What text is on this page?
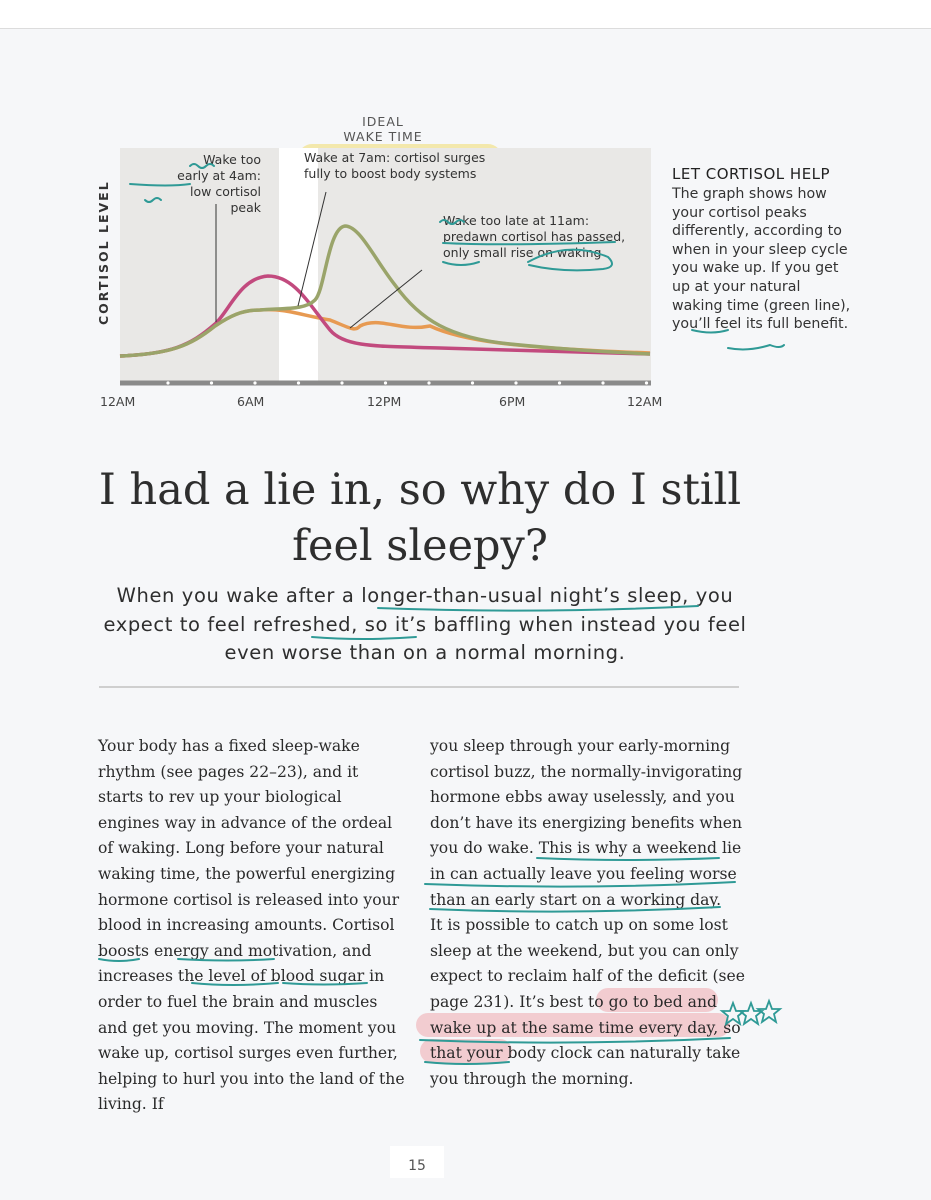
IDEAL
WAKE TIME
Wake too
early at 4am:
low cortisol
peak
Wake at 7am: cortisol surges
fully to boost body systems
Wake too late at 11am:
predawn cortisol has passed,
only small rise on waking
CORTISOL LEVEL
12AM	6AM	12PM	6PM	12AM
LET CORTISOL HELP
The graph shows how your cortisol peaks differently, according to when in your sleep cycle you wake up. If you get up at your natural waking time (green line), you’ll feel its full benefit.
I had a lie in, so why do I still feel sleepy?
When you wake after a longer-than-usual night’s sleep, you expect to feel refreshed, so it’s baffling when instead you feel even worse than on a normal morning.
Your body has a fixed sleep-wake rhythm (see pages 22–23), and it starts to rev up your biological engines way in advance of the ordeal of waking. Long before your natural waking time, the powerful energizing hormone cortisol is released into your blood in increasing amounts. Cortisol boosts energy and motivation, and increases the level of blood sugar in order to fuel the brain and muscles and get you moving. The moment you wake up, cortisol surges even further, helping to hurl you into the land of the living. If
you sleep through your early-morning cortisol buzz, the normally-invigorating hormone ebbs away uselessly, and you don’t have its energizing benefits when you do wake. This is why a weekend lie in can actually leave you feeling worse than an early start on a working day.
It is possible to catch up on some lost sleep at the weekend, but you can only expect to reclaim half of the deficit (see page 231). It’s best to go to bed and wake up at the same time every day, so that your body clock can naturally take you through the morning.
15
